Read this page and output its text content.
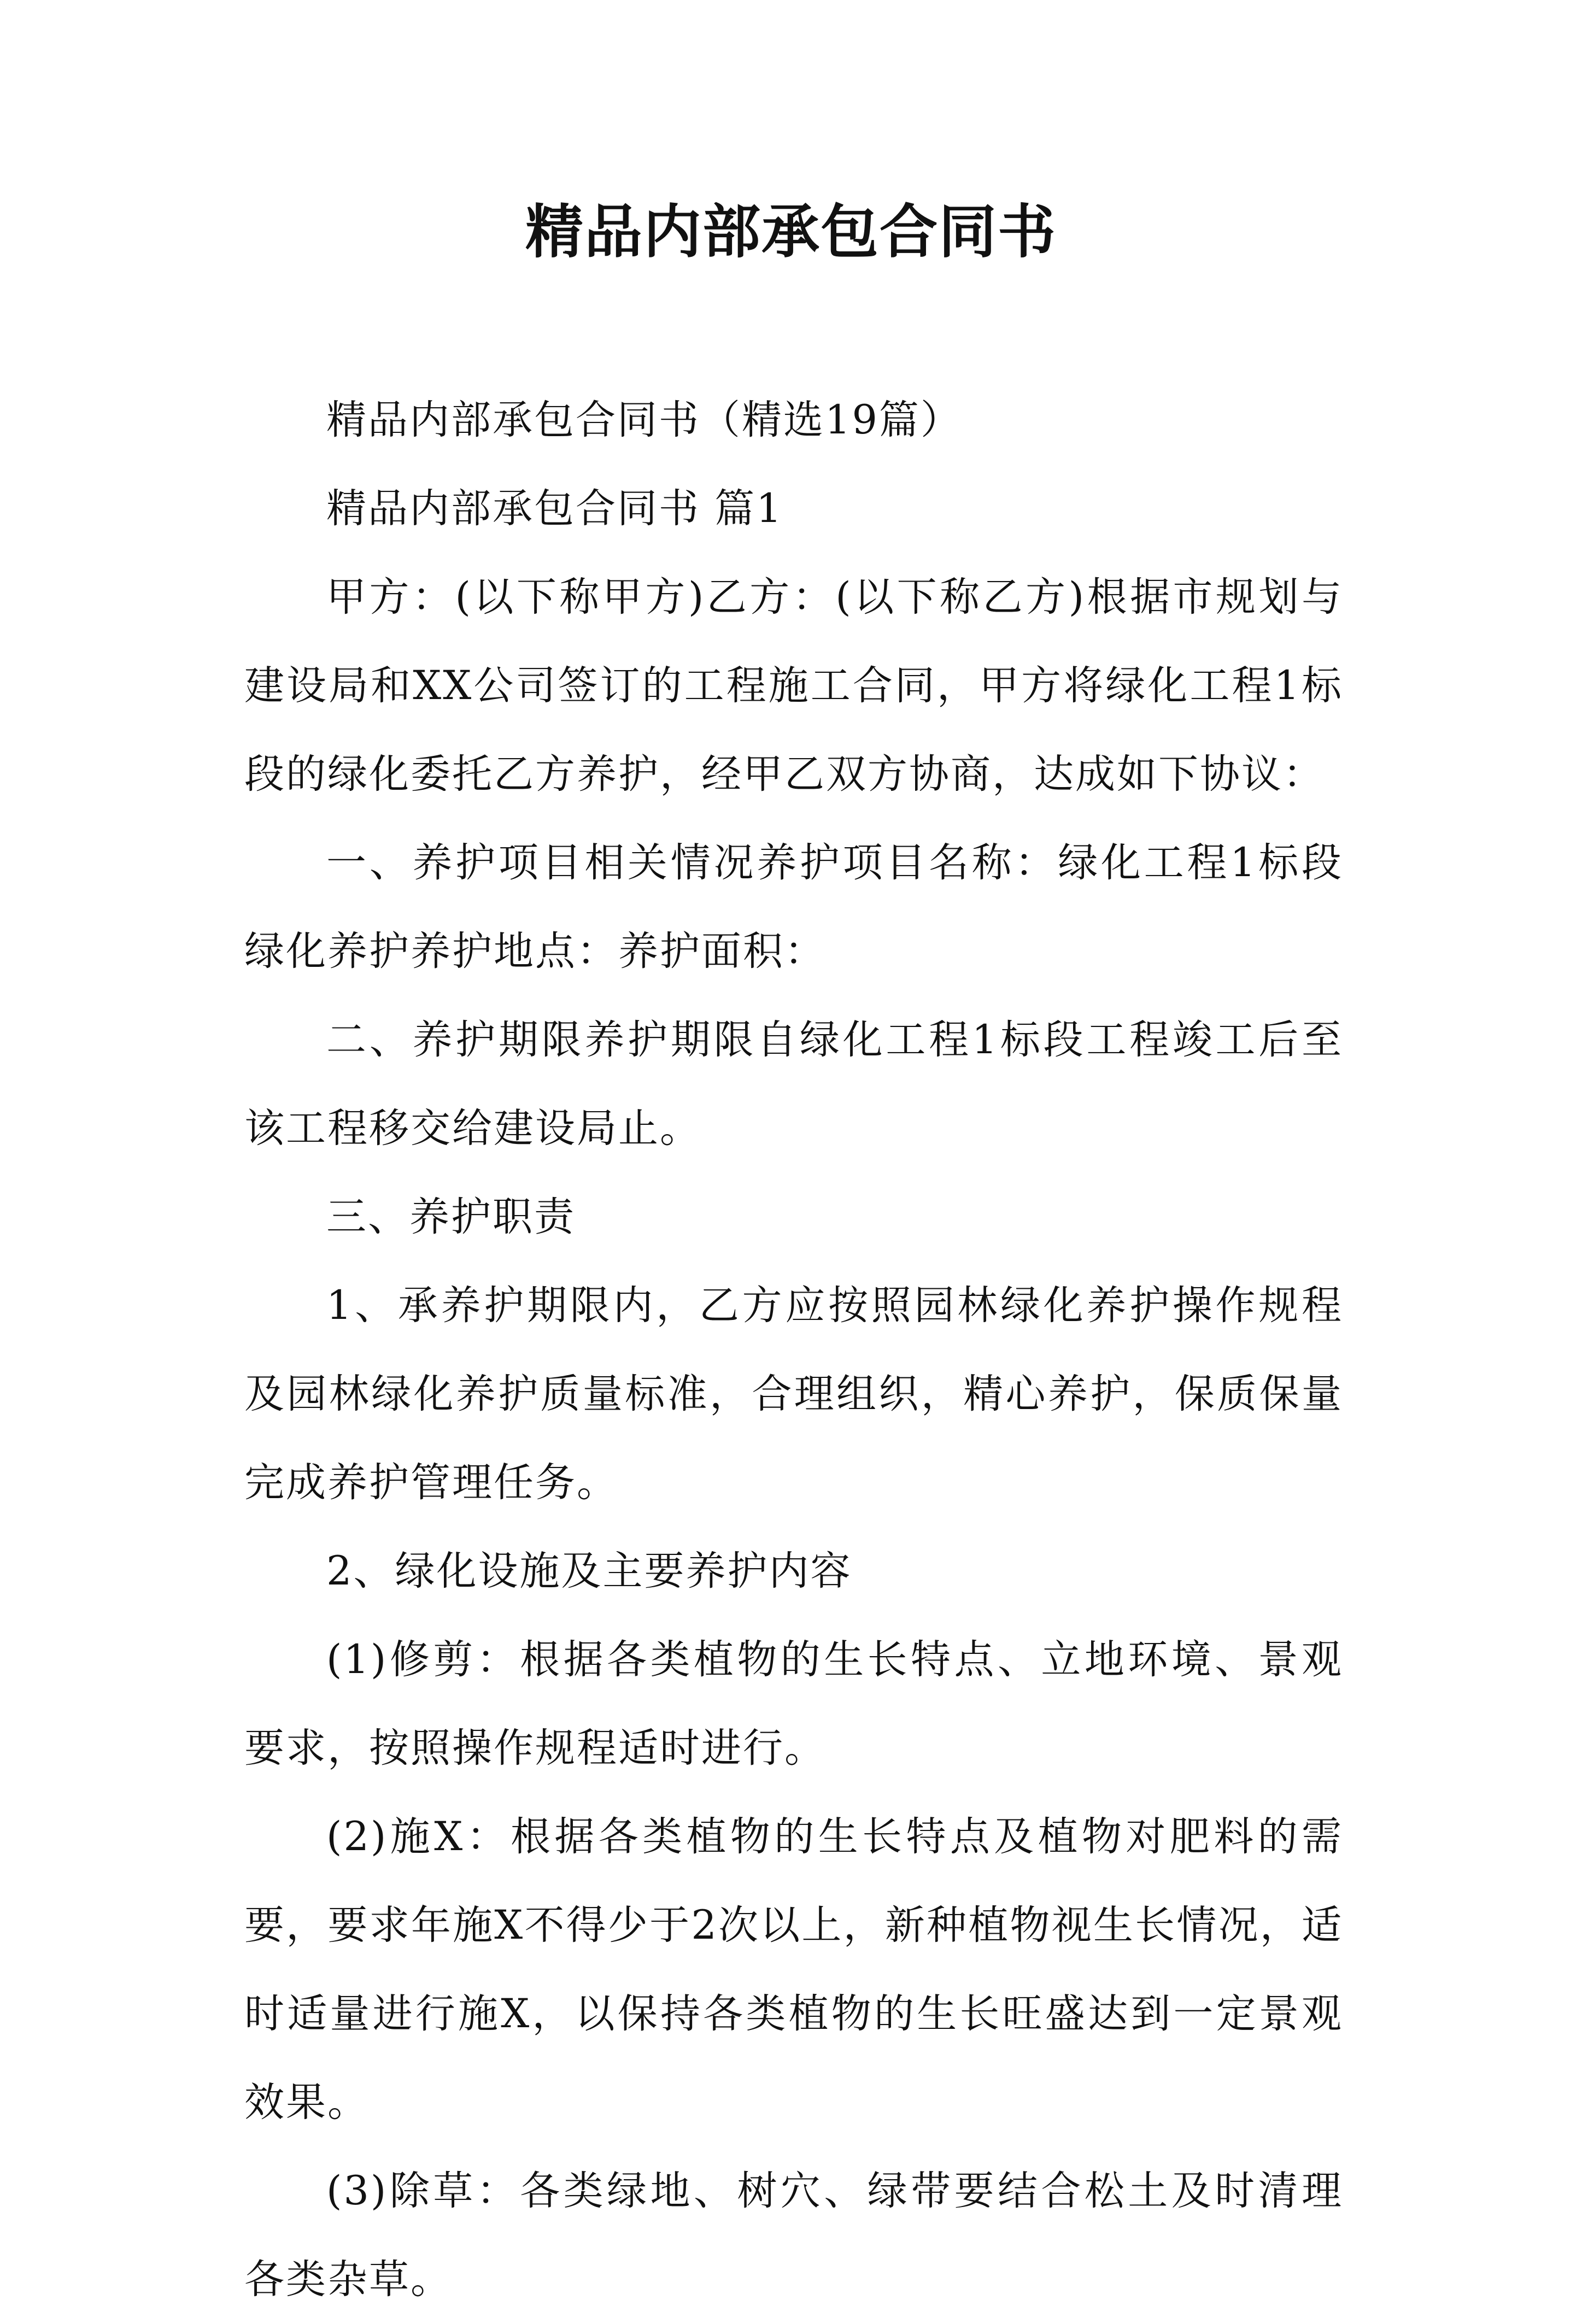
精品内部承包合同书

精品内部承包合同书（精选19篇）

精品内部承包合同书 篇1

甲方：(以下称甲方)乙方：(以下称乙方)根据市规划与建设局和XX公司签订的工程施工合同，甲方将绿化工程1标段的绿化委托乙方养护，经甲乙双方协商，达成如下协议：

一、养护项目相关情况养护项目名称：绿化工程1标段绿化养护养护地点：养护面积：

二、养护期限养护期限自绿化工程1标段工程竣工后至该工程移交给建设局止。

三、养护职责

1、承养护期限内，乙方应按照园林绿化养护操作规程及园林绿化养护质量标准，合理组织，精心养护，保质保量完成养护管理任务。

2、绿化设施及主要养护内容

(1)修剪：根据各类植物的生长特点、立地环境、景观要求，按照操作规程适时进行。

(2)施X：根据各类植物的生长特点及植物对肥料的需要，要求年施X不得少于2次以上，新种植物视生长情况，适时适量进行施X，以保持各类植物的生长旺盛达到一定景观效果。

(3)除草：各类绿地、树穴、绿带要结合松土及时清理各类杂草。
